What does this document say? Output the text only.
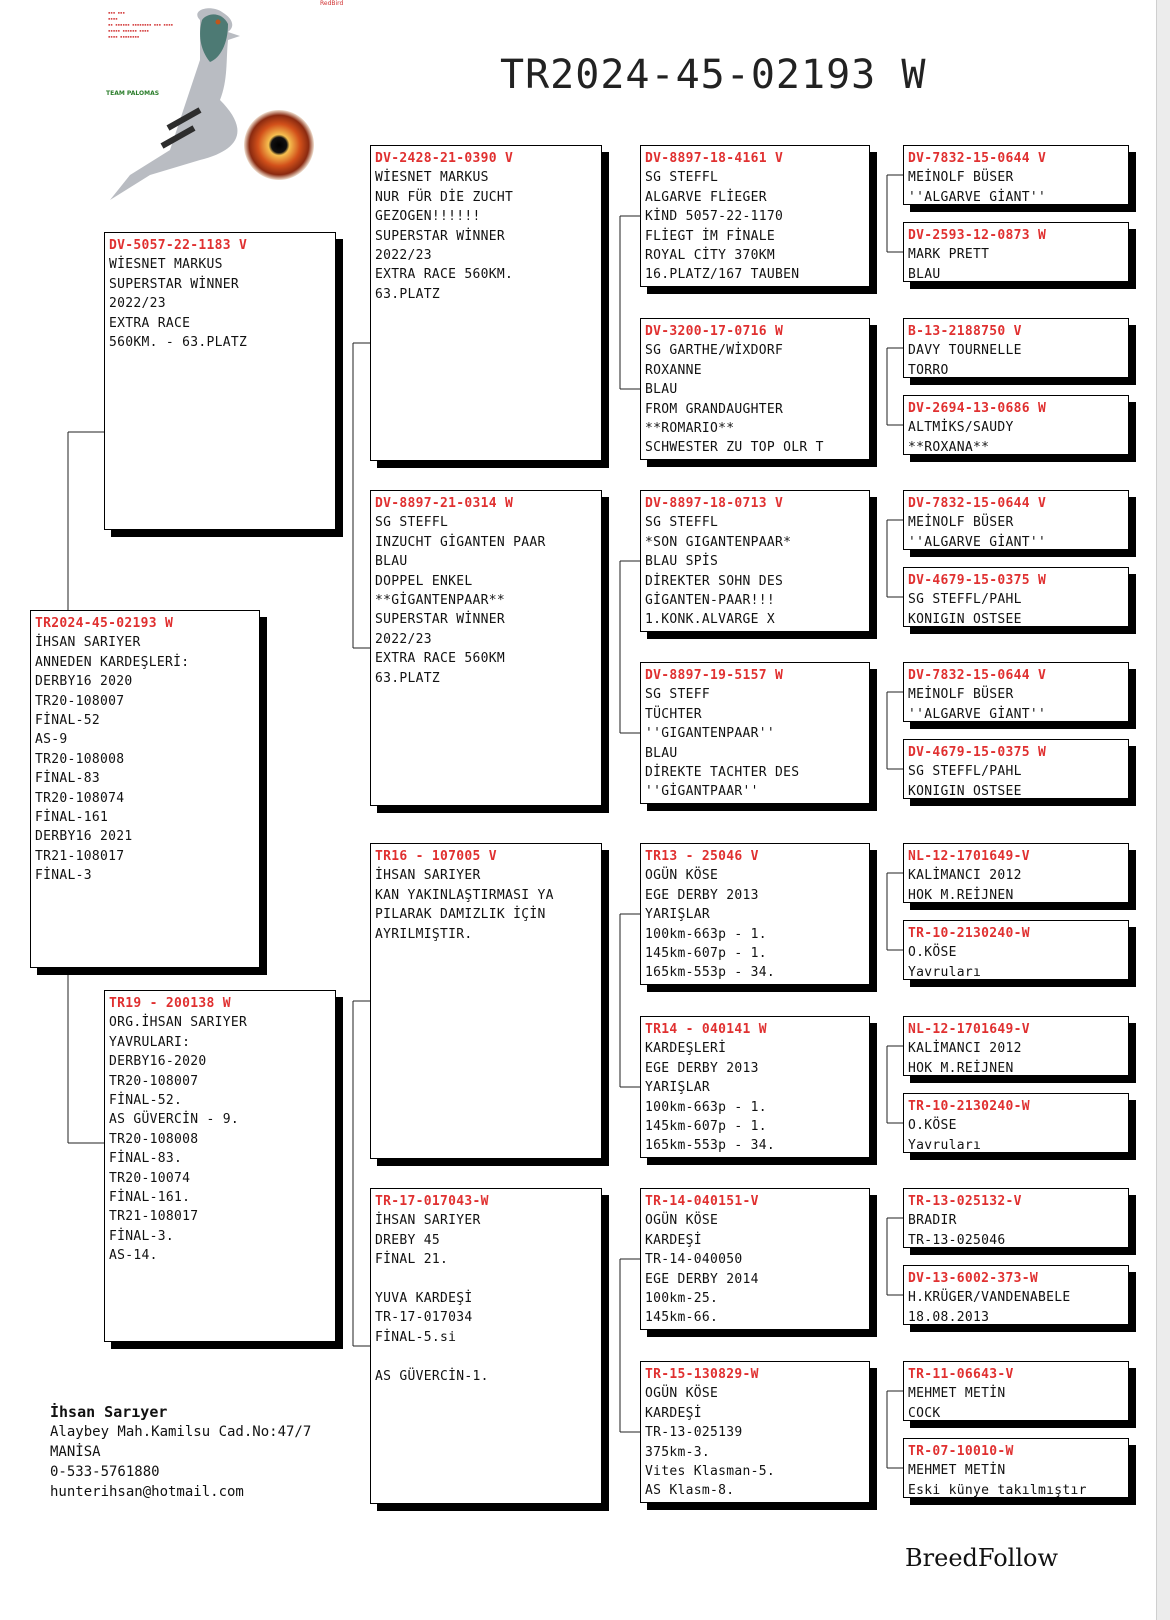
▪▪▪ ▪▪▪
▪▪▪▪
▪▪ ▪▪▪▪▪▪ ▪▪▪▪▪▪▪▪ ▪▪▪ ▪▪▪▪
▪▪▪▪▪ ▪▪▪▪▪▪ ▪▪▪▪
▪▪▪▪ ▪▪▪▪▪▪▪▪
TEAM PALOMAS
RedBird
TR2024-45-02193 W
TR2024-45-02193 W
İHSAN SARIYER
ANNEDEN KARDEŞLERİ:
DERBY16 2020
TR20-108007
FİNAL-52
AS-9
TR20-108008
FİNAL-83
TR20-108074
FİNAL-161
DERBY16 2021
TR21-108017
FİNAL-3
DV-5057-22-1183 V
WİESNET MARKUS
SUPERSTAR WİNNER
2022/23
EXTRA RACE
560KM. - 63.PLATZ
TR19 - 200138 W
ORG.İHSAN SARIYER
YAVRULARI:
DERBY16-2020
TR20-108007
FİNAL-52.
AS GÜVERCİN - 9.
TR20-108008
FİNAL-83.
TR20-10074
FİNAL-161.
TR21-108017
FİNAL-3.
AS-14.
DV-2428-21-0390 V
WİESNET MARKUS
NUR FÜR DİE ZUCHT
GEZOGEN!!!!!!
SUPERSTAR WİNNER
2022/23
EXTRA RACE 560KM.
63.PLATZ
DV-8897-21-0314 W
SG STEFFL
INZUCHT GİGANTEN PAAR
BLAU
DOPPEL ENKEL
**GİGANTENPAAR**
SUPERSTAR WİNNER
2022/23
EXTRA RACE 560KM
63.PLATZ
TR16 - 107005 V
İHSAN SARIYER
KAN YAKINLAŞTIRMASI YA
PILARAK DAMIZLIK İÇİN
AYRILMIŞTIR.
TR-17-017043-W
İHSAN SARIYER
DREBY 45
FİNAL 21.
YUVA KARDEŞİ
TR-17-017034
FİNAL-5.si
AS GÜVERCİN-1.
DV-8897-18-4161 V
SG STEFFL
ALGARVE FLİEGER
KİND 5057-22-1170
FLİEGT İM FİNALE
ROYAL CİTY 370KM
16.PLATZ/167 TAUBEN
DV-3200-17-0716 W
SG GARTHE/WİXDORF
ROXANNE
BLAU
FROM GRANDAUGHTER
**ROMARIO**
SCHWESTER ZU TOP OLR T
DV-8897-18-0713 V
SG STEFFL
*SON GIGANTENPAAR*
BLAU SPİS
DİREKTER SOHN DES
GİGANTEN-PAAR!!!
1.KONK.ALVARGE X
DV-8897-19-5157 W
SG STEFF
TÜCHTER
''GIGANTENPAAR''
BLAU
DİREKTE TACHTER DES
''GİGANTPAAR''
TR13 - 25046 V
OGÜN KÖSE
EGE DERBY 2013
YARIŞLAR
100km-663p - 1.
145km-607p - 1.
165km-553p - 34.
TR14 - 040141 W
KARDEŞLERİ
EGE DERBY 2013
YARIŞLAR
100km-663p - 1.
145km-607p - 1.
165km-553p - 34.
TR-14-040151-V
OGÜN KÖSE
KARDEŞİ
TR-14-040050
EGE DERBY 2014
100km-25.
145km-66.
TR-15-130829-W
OGÜN KÖSE
KARDEŞİ
TR-13-025139
375km-3.
Vites Klasman-5.
AS Klasm-8.
DV-7832-15-0644 V
MEİNOLF BÜSER
''ALGARVE GİANT''
DV-2593-12-0873 W
MARK PRETT
BLAU
B-13-2188750 V
DAVY TOURNELLE
TORRO
DV-2694-13-0686 W
ALTMİKS/SAUDY
**ROXANA**
DV-7832-15-0644 V
MEİNOLF BÜSER
''ALGARVE GİANT''
DV-4679-15-0375 W
SG STEFFL/PAHL
KONIGIN OSTSEE
DV-7832-15-0644 V
MEİNOLF BÜSER
''ALGARVE GİANT''
DV-4679-15-0375 W
SG STEFFL/PAHL
KONIGIN OSTSEE
NL-12-1701649-V
KALİMANCI 2012
HOK M.REİJNEN
TR-10-2130240-W
O.KÖSE
Yavruları
NL-12-1701649-V
KALİMANCI 2012
HOK M.REİJNEN
TR-10-2130240-W
O.KÖSE
Yavruları
TR-13-025132-V
BRADIR
TR-13-025046
DV-13-6002-373-W
H.KRÜGER/VANDENABELE
18.08.2013
TR-11-06643-V
MEHMET METİN
COCK
TR-07-10010-W
MEHMET METİN
Eski künye takılmıştır
İhsan Sarıyer
Alaybey Mah.Kamilsu Cad.No:47/7
MANİSA
0-533-5761880
hunterihsan@hotmail.com
BreedFollow
